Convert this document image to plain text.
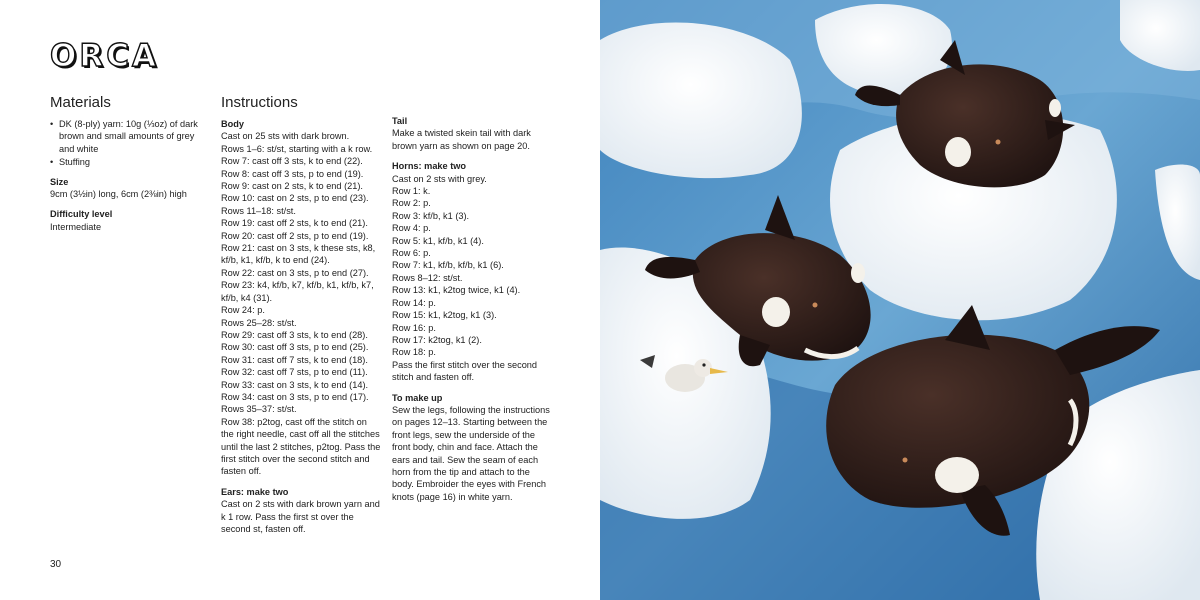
ORCA
Materials
• DK (8-ply) yarn: 10g (⅓oz) of dark brown and small amounts of grey and white
• Stuffing
Size
9cm (3½in) long, 6cm (2⅜in) high
Difficulty level
Intermediate
Instructions
Body
Cast on 25 sts with dark brown.
Rows 1–6: st/st, starting with a k row.
Row 7: cast off 3 sts, k to end (22).
Row 8: cast off 3 sts, p to end (19).
Row 9: cast on 2 sts, k to end (21).
Row 10: cast on 2 sts, p to end (23).
Rows 11–18: st/st.
Row 19: cast off 2 sts, k to end (21).
Row 20: cast off 2 sts, p to end (19).
Row 21: cast on 3 sts, k these sts, k8, kf/b, k1, kf/b, k to end (24).
Row 22: cast on 3 sts, p to end (27).
Row 23: k4, kf/b, k7, kf/b, k1, kf/b, k7, kf/b, k4 (31).
Row 24: p.
Rows 25–28: st/st.
Row 29: cast off 3 sts, k to end (28).
Row 30: cast off 3 sts, p to end (25).
Row 31: cast off 7 sts, k to end (18).
Row 32: cast off 7 sts, p to end (11).
Row 33: cast on 3 sts, k to end (14).
Row 34: cast on 3 sts, p to end (17).
Rows 35–37: st/st.
Row 38: p2tog, cast off the stitch on the right needle, cast off all the stitches until the last 2 stitches, p2tog. Pass the first stitch over the second stitch and fasten off.
Ears: make two
Cast on 2 sts with dark brown yarn and k 1 row. Pass the first st over the second st, fasten off.
Tail
Make a twisted skein tail with dark brown yarn as shown on page 20.
Horns: make two
Cast on 2 sts with grey.
Row 1: k.
Row 2: p.
Row 3: kf/b, k1 (3).
Row 4: p.
Row 5: k1, kf/b, k1 (4).
Row 6: p.
Row 7: k1, kf/b, kf/b, k1 (6).
Rows 8–12: st/st.
Row 13: k1, k2tog twice, k1 (4).
Row 14: p.
Row 15: k1, k2tog, k1 (3).
Row 16: p.
Row 17: k2tog, k1 (2).
Row 18: p.
Pass the first stitch over the second stitch and fasten off.
To make up
Sew the legs, following the instructions on pages 12–13. Starting between the front legs, sew the underside of the front body, chin and face. Attach the ears and tail. Sew the seam of each horn from the tip and attach to the body. Embroider the eyes with French knots (page 16) in white yarn.
30
